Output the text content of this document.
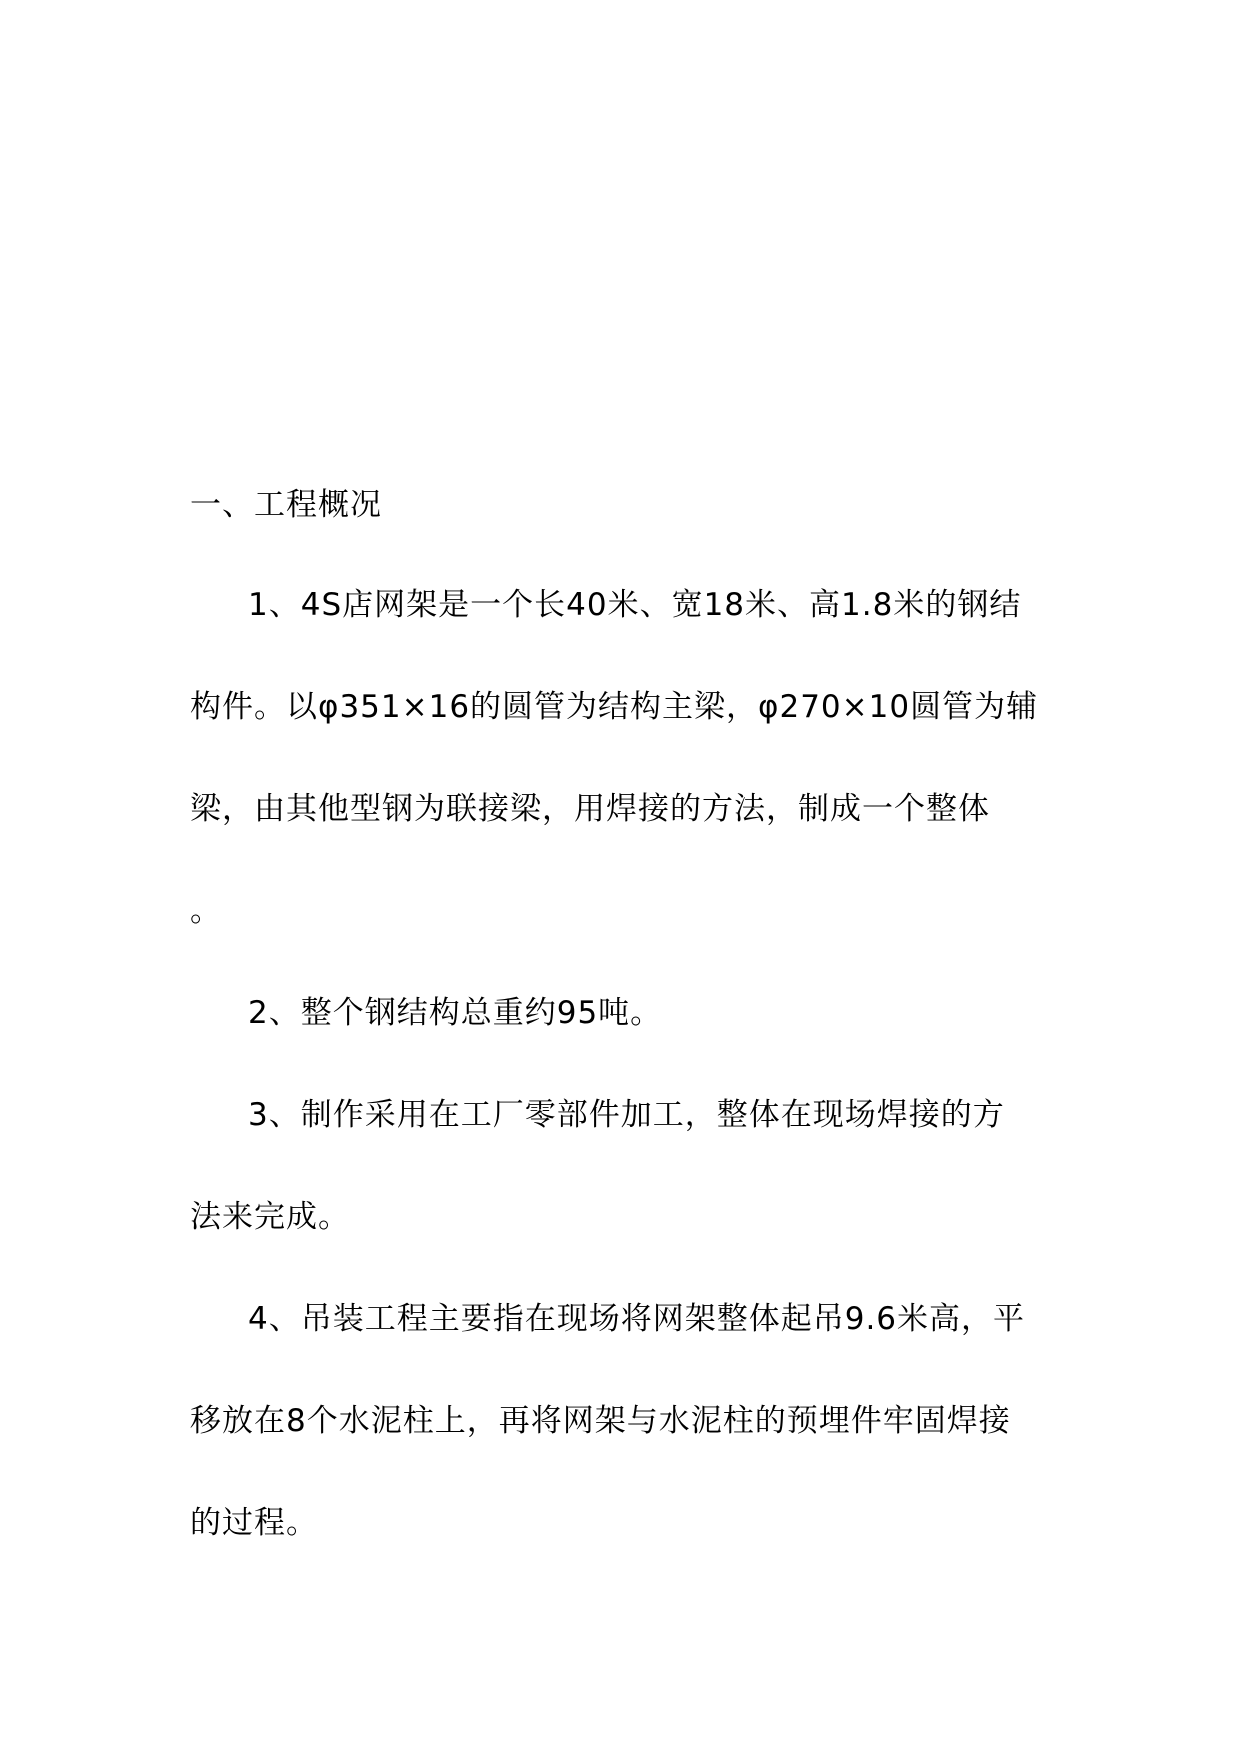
一、工程概况

1、4S店网架是一个长40米、宽18米、高1.8米的钢结

构件。以φ351×16的圆管为结构主梁，φ270×10圆管为辅

梁，由其他型钢为联接梁，用焊接的方法，制成一个整体

。

2、整个钢结构总重约95吨。

3、制作采用在工厂零部件加工，整体在现场焊接的方

法来完成。

4、吊装工程主要指在现场将网架整体起吊9.6米高，平

移放在8个水泥柱上，再将网架与水泥柱的预埋件牢固焊接

的过程。
